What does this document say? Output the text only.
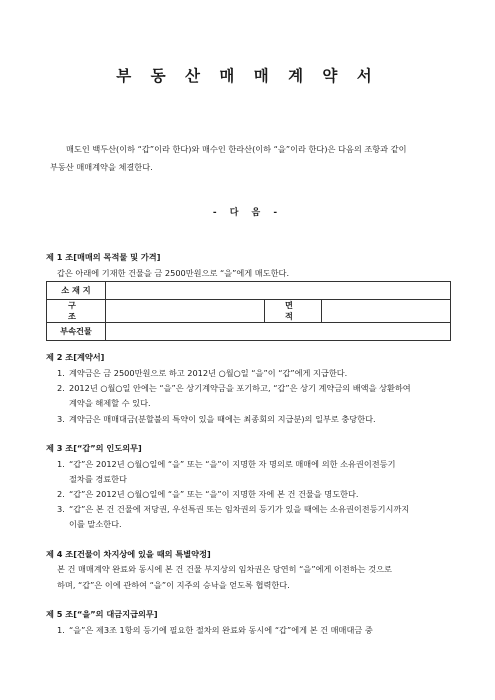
부 동 산 매 매 계 약 서
매도인 백두산(이하 “갑”이라 한다)와 매수인 한라산(이하 “을”이라 한다)은 다음의 조항과 같이
부동산 매매계약을 체결한다.
- 다 음 -
제 1 조[매매의 목적물 및 가격]
갑은 아래에 기재한 건물을 금 2500만원으로 “을”에게 매도한다.
소 재 지			
구 조		면 적	
부속건물			
제 2 조[계약서]
1. 계약금은 금 2500만원으로 하고 2012년 ○월○일 “을”이 “갑”에게 지급한다.
2. 2012년 ○월○일 안에는 “을”은 상기계약금을 포기하고, “갑”은 상기 계약금의 배액을 상환하여
계약을 해제할 수 있다.
3. 계약금은 매매대금(분할불의 특약이 있을 때에는 최종회의 지급분)의 일부로 충당한다.
제 3 조[“갑”의 인도의무]
1. “갑”은 2012년 ○월○일에 “을” 또는 “을”이 지명한 자 명의로 매매에 의한 소유권이전등기
절차를 경료한다
2. “갑”은 2012년 ○월○일에 “을” 또는 “을”이 지명한 자에 본 건 건물을 명도한다.
3. “갑”은 본 건 건물에 저당권, 우선특권 또는 임차권의 등기가 있을 때에는 소유권이전등기시까지
이를 말소한다.
제 4 조[건물이 차지상에 있을 때의 특별약정]
본 건 매매계약 완료와 동시에 본 건 건물 부지상의 임차권은 당연히 “을”에게 이전하는 것으로
하며, “갑”은 이에 관하여 “을”이 지주의 승낙을 얻도록 협력한다.
제 5 조[“을”의 대금지급의무]
1. “을”은 제3조 1항의 등기에 필요한 절차의 완료와 동시에 “갑”에게 본 건 매매대금 중
